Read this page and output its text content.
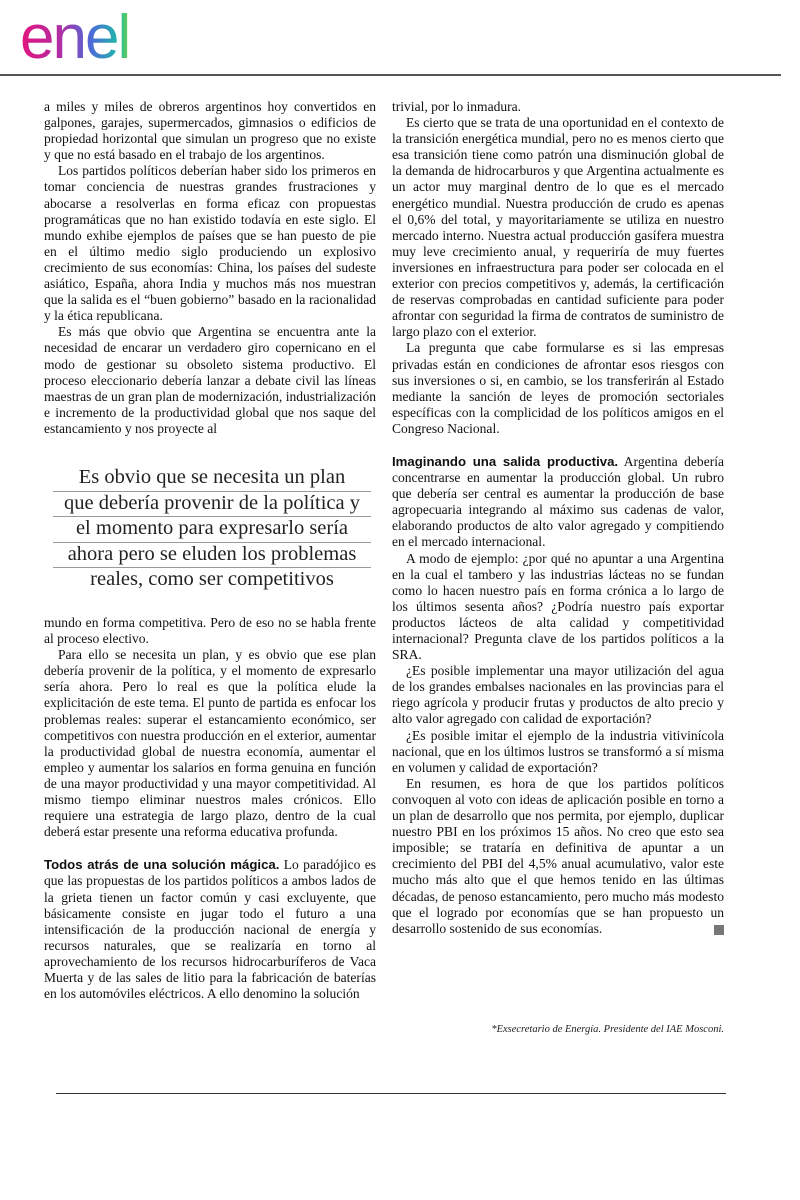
enel

a miles y miles de obreros argentinos hoy convertidos en galpones, garajes, supermercados, gimnasios o edificios de propiedad horizontal que simulan un progreso que no existe y que no está basado en el trabajo de los argentinos.

Los partidos políticos deberían haber sido los primeros en tomar conciencia de nuestras grandes frustraciones y abocarse a resolverlas en forma eficaz con propuestas programáticas que no han existido todavía en este siglo. El mundo exhibe ejemplos de países que se han puesto de pie en el último medio siglo produciendo un explosivo crecimiento de sus economías: China, los países del sudeste asiático, España, ahora India y muchos más nos muestran que la salida es el “buen gobierno” basado en la racionalidad y la ética republicana.

Es más que obvio que Argentina se encuentra ante la necesidad de encarar un verdadero giro copernicano en el modo de gestionar su obsoleto sistema productivo. El proceso eleccionario debería lanzar a debate civil las líneas maestras de un gran plan de modernización, industrialización e incremento de la productividad global que nos saque del estancamiento y nos proyecte al

Es obvio que se necesita un plan
que debería provenir de la política y
el momento para expresarlo sería
ahora pero se eluden los problemas
reales, como ser competitivos

mundo en forma competitiva. Pero de eso no se habla frente al proceso electivo.

Para ello se necesita un plan, y es obvio que ese plan debería provenir de la política, y el momento de expresarlo sería ahora. Pero lo real es que la política elude la explicitación de este tema. El punto de partida es enfocar los problemas reales: superar el estancamiento económico, ser competitivos con nuestra producción en el exterior, aumentar la productividad global de nuestra economía, aumentar el empleo y aumentar los salarios en forma genuina en función de una mayor productividad y una mayor competitividad. Al mismo tiempo eliminar nuestros males crónicos. Ello requiere una estrategia de largo plazo, dentro de la cual deberá estar presente una reforma educativa profunda.

Todos atrás de una solución mágica. Lo paradójico es que las propuestas de los partidos políticos a ambos lados de la grieta tienen un factor común y casi excluyente, que básicamente consiste en jugar todo el futuro a una intensificación de la producción nacional de energía y recursos naturales, que se realizaría en torno al aprovechamiento de los recursos hidrocarburíferos de Vaca Muerta y de las sales de litio para la fabricación de baterías en los automóviles eléctricos. A ello denomino la solución

trivial, por lo inmadura.

Es cierto que se trata de una oportunidad en el contexto de la transición energética mundial, pero no es menos cierto que esa transición tiene como patrón una disminución global de la demanda de hidrocarburos y que Argentina actualmente es un actor muy marginal dentro de lo que es el mercado energético mundial. Nuestra producción de crudo es apenas el 0,6% del total, y mayoritariamente se utiliza en nuestro mercado interno. Nuestra actual producción gasífera muestra muy leve crecimiento anual, y requeriría de muy fuertes inversiones en infraestructura para poder ser colocada en el exterior con precios competitivos y, además, la certificación de reservas comprobadas en cantidad suficiente para poder afrontar con seguridad la firma de contratos de suministro de largo plazo con el exterior.

La pregunta que cabe formularse es si las empresas privadas están en condiciones de afrontar esos riesgos con sus inversiones o si, en cambio, se los transferirán al Estado mediante la sanción de leyes de promoción sectoriales específicas con la complicidad de los políticos amigos en el Congreso Nacional.

Imaginando una salida productiva. Argentina debería concentrarse en aumentar la producción global. Un rubro que debería ser central es aumentar la producción de base agropecuaria integrando al máximo sus cadenas de valor, elaborando productos de alto valor agregado y compitiendo en el mercado internacional.

A modo de ejemplo: ¿por qué no apuntar a una Argentina en la cual el tambero y las industrias lácteas no se fundan como lo hacen nuestro país en forma crónica a lo largo de los últimos sesenta años? ¿Podría nuestro país exportar productos lácteos de alta calidad y competitividad internacional? Pregunta clave de los partidos políticos a la SRA.

¿Es posible implementar una mayor utilización del agua de los grandes embalses nacionales en las provincias para el riego agrícola y producir frutas y productos de alto precio y alto valor agregado con calidad de exportación?

¿Es posible imitar el ejemplo de la industria vitivinícola nacional, que en los últimos lustros se transformó a sí misma en volumen y calidad de exportación?

En resumen, es hora de que los partidos políticos convoquen al voto con ideas de aplicación posible en torno a un plan de desarrollo que nos permita, por ejemplo, duplicar nuestro PBI en los próximos 15 años. No creo que esto sea imposible; se trataría en definitiva de apuntar a un crecimiento del PBI del 4,5% anual acumulativo, valor este mucho más alto que el que hemos tenido en las últimas décadas, de penoso estancamiento, pero mucho más modesto que el logrado por economías que se han propuesto un desarrollo sostenido de sus economías.

*Exsecretario de Energía. Presidente del IAE Mosconi.
